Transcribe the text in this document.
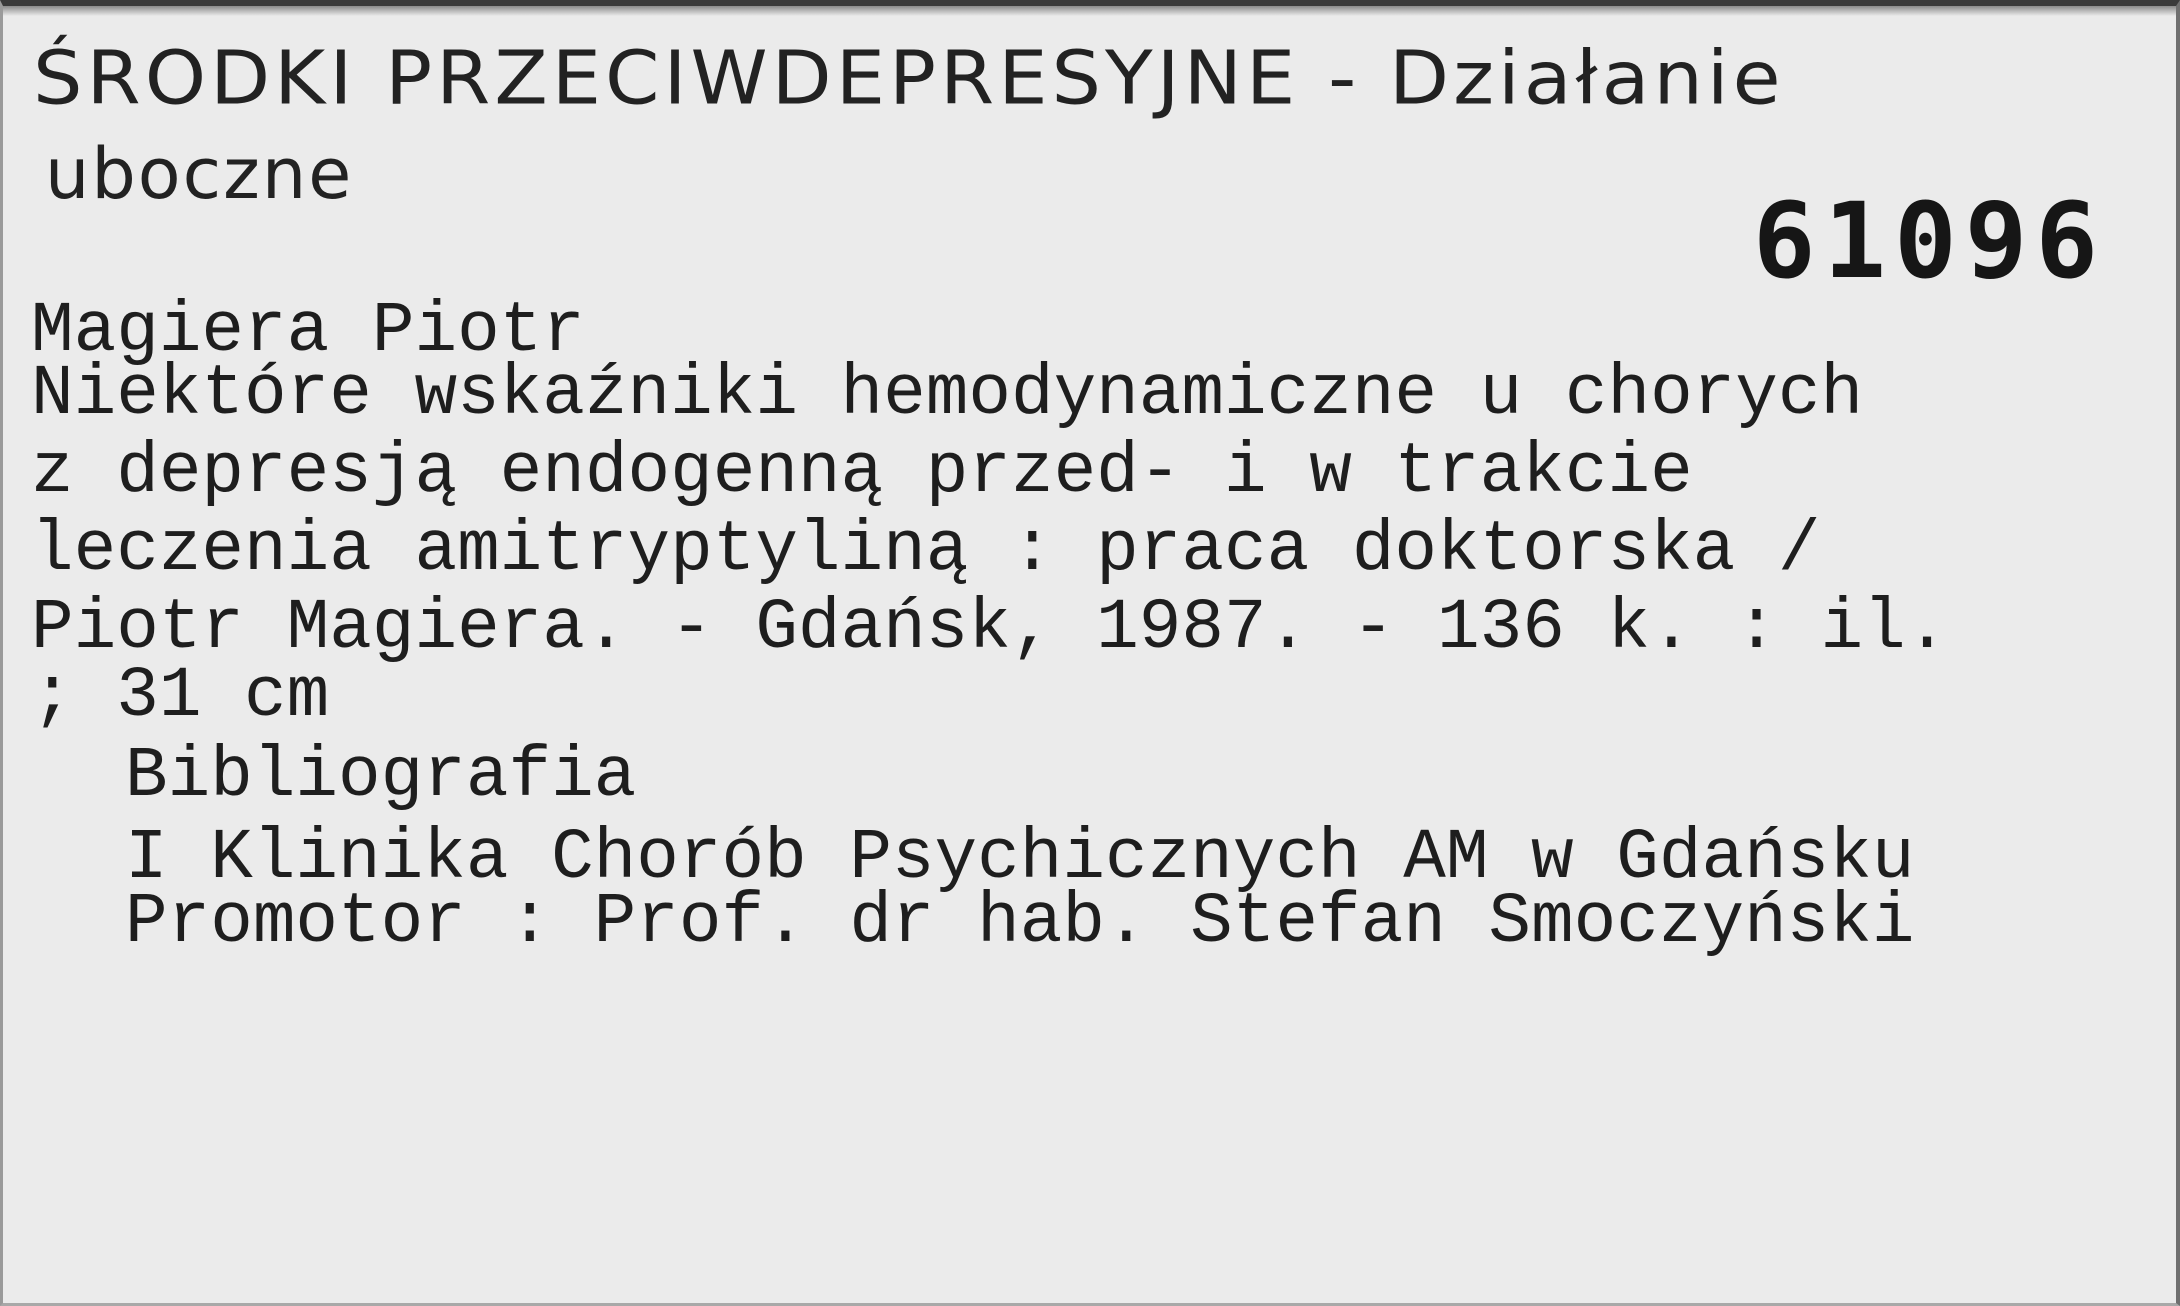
ŚRODKI PRZECIWDEPRESYJNE - Działanie
uboczne
61096
Magiera Piotr
Niektóre wskaźniki hemodynamiczne u chorych
z depresją endogenną przed- i w trakcie
leczenia amitryptyliną : praca doktorska /
Piotr Magiera. - Gdańsk, 1987. - 136 k. : il.
; 31 cm
Bibliografia
I Klinika Chorób Psychicznych AM w Gdańsku
Promotor : Prof. dr hab. Stefan Smoczyński
